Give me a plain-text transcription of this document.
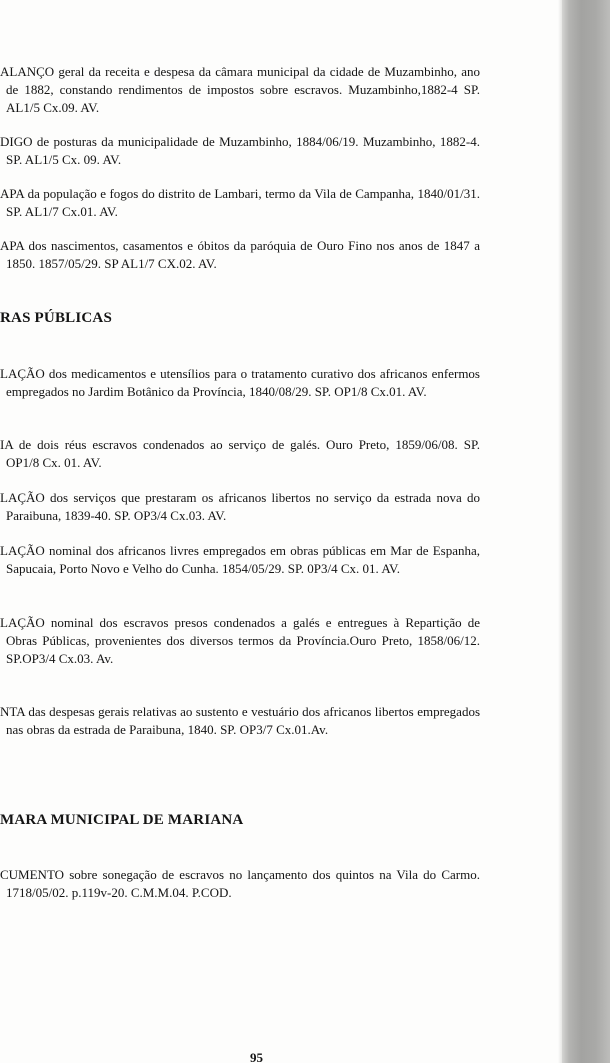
ALANÇO geral da receita e despesa da câmara municipal da cidade de Muzambinho, ano de 1882, constando rendimentos de impostos sobre escravos. Muzambinho,1882-4 SP. AL1/5 Cx.09. AV.

DIGO de posturas da municipalidade de Muzambinho, 1884/06/19. Muzambinho, 1882-4. SP. AL1/5 Cx. 09. AV.

APA da população e fogos do distrito de Lambari, termo da Vila de Campanha, 1840/01/31. SP. AL1/7 Cx.01. AV.

APA dos nascimentos, casamentos e óbitos da paróquia de Ouro Fino nos anos de 1847 a 1850. 1857/05/29. SP AL1/7 CX.02. AV.

RAS PÚBLICAS

LAÇÃO dos medicamentos e utensílios para o tratamento curativo dos africanos enfermos empregados no Jardim Botânico da Província, 1840/08/29. SP. OP1/8 Cx.01. AV.

IA de dois réus escravos condenados ao serviço de galés. Ouro Preto, 1859/06/08. SP. OP1/8 Cx. 01. AV.

LAÇÃO dos serviços que prestaram os africanos libertos no serviço da estrada nova do Paraibuna, 1839-40. SP. OP3/4 Cx.03. AV.

LAÇÃO nominal dos africanos livres empregados em obras públicas em Mar de Espanha, Sapucaia, Porto Novo e Velho do Cunha. 1854/05/29. SP. 0P3/4 Cx. 01. AV.

LAÇÃO nominal dos escravos presos condenados a galés e entregues à Repartição de Obras Públicas, provenientes dos diversos termos da Província.Ouro Preto, 1858/06/12. SP.OP3/4 Cx.03. Av.

NTA das despesas gerais relativas ao sustento e vestuário dos africanos libertos empregados nas obras da estrada de Paraibuna, 1840. SP. OP3/7 Cx.01.Av.

MARA MUNICIPAL DE MARIANA

CUMENTO sobre sonegação de escravos no lançamento dos quintos na Vila do Carmo. 1718/05/02. p.119v-20. C.M.M.04. P.COD.

95
